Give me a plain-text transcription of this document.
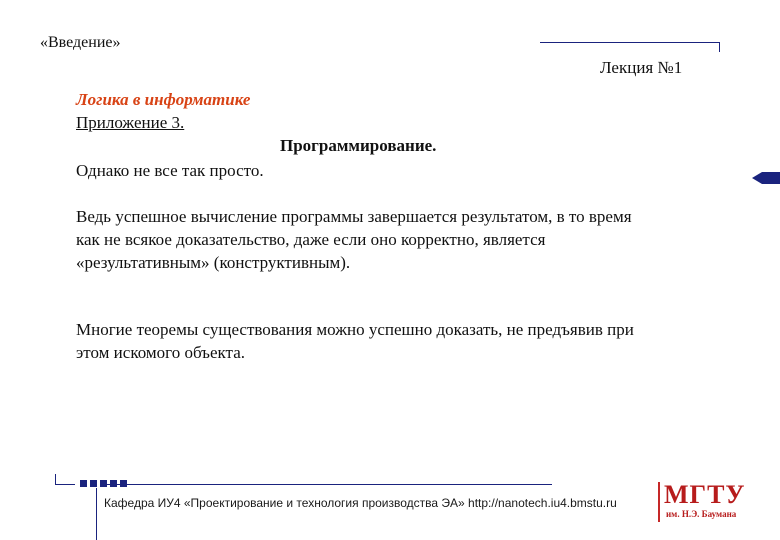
«Введение»
Лекция №1
Логика в информатике
Приложение 3.
Программирование.
Однако не все так просто.
Ведь успешное вычисление программы завершается результатом, в то время как не всякое доказательство, даже если оно корректно, является «результативным» (конструктивным).
Многие теоремы существования можно успешно доказать, не предъявив при этом искомого объекта.
Кафедра ИУ4 «Проектирование и технология производства ЭА» http://nanotech.iu4.bmstu.ru МГТУ
им. Н.Э. Баумана
